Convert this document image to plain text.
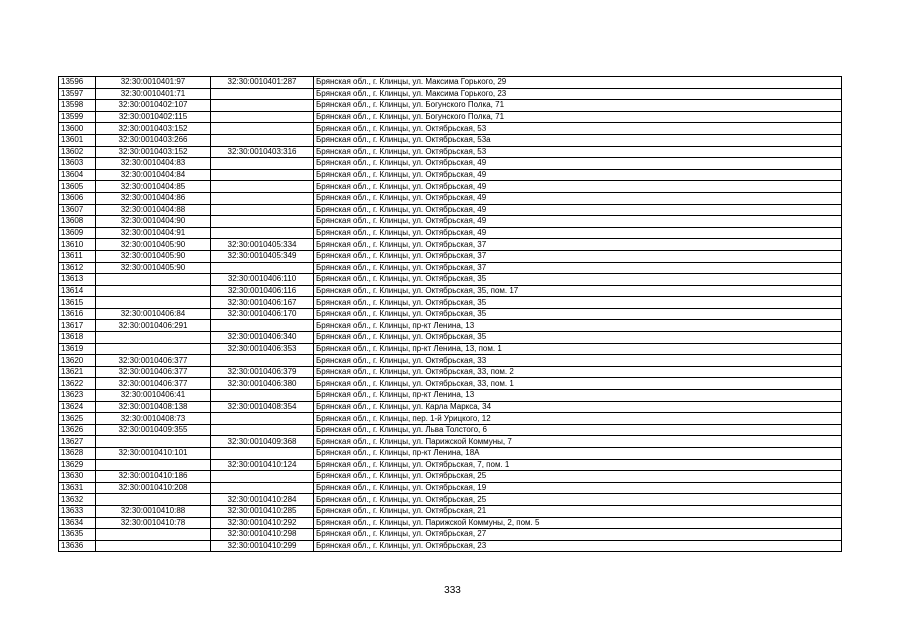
13596	32:30:0010401:97	32:30:0010401:287	Брянская обл., г. Клинцы, ул. Максима Горького, 29
13597	32:30:0010401:71		Брянская обл., г. Клинцы, ул. Максима Горького, 23
13598	32:30:0010402:107		Брянская обл., г. Клинцы, ул. Богунского Полка, 71
13599	32:30:0010402:115		Брянская обл., г. Клинцы, ул. Богунского Полка, 71
13600	32:30:0010403:152		Брянская обл., г. Клинцы, ул. Октябрьская, 53
13601	32:30:0010403:266		Брянская обл., г. Клинцы, ул. Октябрьская, 53а
13602	32:30:0010403:152	32:30:0010403:316	Брянская обл., г. Клинцы, ул. Октябрьская, 53
13603	32:30:0010404:83		Брянская обл., г. Клинцы, ул. Октябрьская, 49
13604	32:30:0010404:84		Брянская обл., г. Клинцы, ул. Октябрьская, 49
13605	32:30:0010404:85		Брянская обл., г. Клинцы, ул. Октябрьская, 49
13606	32:30:0010404:86		Брянская обл., г. Клинцы, ул. Октябрьская, 49
13607	32:30:0010404:88		Брянская обл., г. Клинцы, ул. Октябрьская, 49
13608	32:30:0010404:90		Брянская обл., г. Клинцы, ул. Октябрьская, 49
13609	32:30:0010404:91		Брянская обл., г. Клинцы, ул. Октябрьская, 49
13610	32:30:0010405:90	32:30:0010405:334	Брянская обл., г. Клинцы, ул. Октябрьская, 37
13611	32:30:0010405:90	32:30:0010405:349	Брянская обл., г. Клинцы, ул. Октябрьская, 37
13612	32:30:0010405:90		Брянская обл., г. Клинцы, ул. Октябрьская, 37
13613		32:30:0010406:110	Брянская обл., г. Клинцы, ул. Октябрьская, 35
13614		32:30:0010406:116	Брянская обл., г. Клинцы, ул. Октябрьская, 35, пом. 17
13615		32:30:0010406:167	Брянская обл., г. Клинцы, ул. Октябрьская, 35
13616	32:30:0010406:84	32:30:0010406:170	Брянская обл., г. Клинцы, ул. Октябрьская, 35
13617	32:30:0010406:291		Брянская обл., г. Клинцы, пр-кт Ленина, 13
13618		32:30:0010406:340	Брянская обл., г. Клинцы, ул. Октябрьская, 35
13619		32:30:0010406:353	Брянская обл., г. Клинцы, пр-кт Ленина, 13, пом. 1
13620	32:30:0010406:377		Брянская обл., г. Клинцы, ул. Октябрьская, 33
13621	32:30:0010406:377	32:30:0010406:379	Брянская обл., г. Клинцы, ул. Октябрьская, 33, пом. 2
13622	32:30:0010406:377	32:30:0010406:380	Брянская обл., г. Клинцы, ул. Октябрьская, 33, пом. 1
13623	32:30:0010406:41		Брянская обл., г. Клинцы, пр-кт Ленина, 13
13624	32:30:0010408:138	32:30:0010408:354	Брянская обл., г. Клинцы, ул. Карла Маркса, 34
13625	32:30:0010408:73		Брянская обл., г. Клинцы, пер. 1-й Урицкого, 12
13626	32:30:0010409:355		Брянская обл., г. Клинцы, ул. Льва Толстого, 6
13627		32:30:0010409:368	Брянская обл., г. Клинцы, ул. Парижской Коммуны, 7
13628	32:30:0010410:101		Брянская обл., г. Клинцы, пр-кт Ленина, 18А
13629		32:30:0010410:124	Брянская обл., г. Клинцы, ул. Октябрьская, 7, пом. 1
13630	32:30:0010410:186		Брянская обл., г. Клинцы, ул. Октябрьская, 25
13631	32:30:0010410:208		Брянская обл., г. Клинцы, ул. Октябрьская, 19
13632		32:30:0010410:284	Брянская обл., г. Клинцы, ул. Октябрьская, 25
13633	32:30:0010410:88	32:30:0010410:285	Брянская обл., г. Клинцы, ул. Октябрьская, 21
13634	32:30:0010410:78	32:30:0010410:292	Брянская обл., г. Клинцы, ул. Парижской Коммуны, 2, пом. 5
13635		32:30:0010410:298	Брянская обл., г. Клинцы, ул. Октябрьская, 27
13636		32:30:0010410:299	Брянская обл., г. Клинцы, ул. Октябрьская, 23
333
